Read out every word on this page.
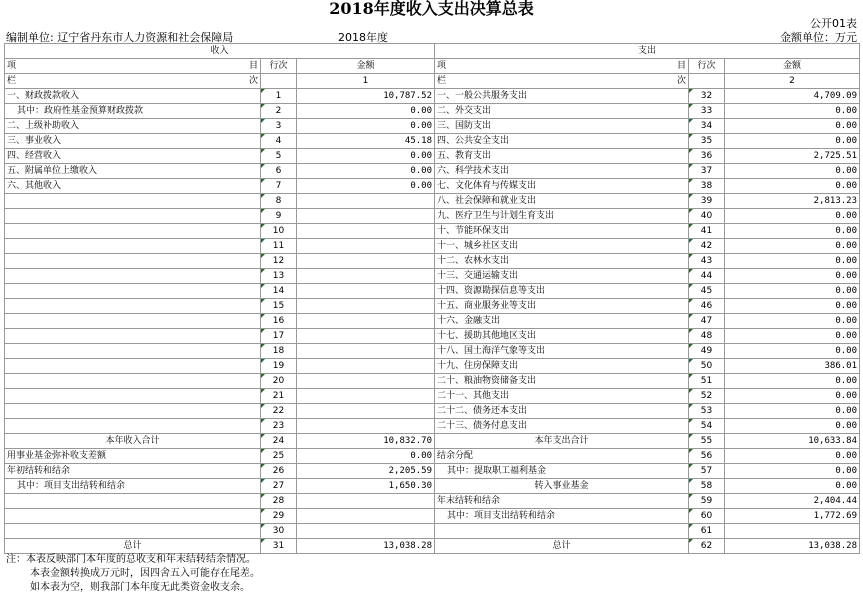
2018年度收入支出决算总表
公开01表
编制单位: 辽宁省丹东市人力资源和社会保障局	2018年度	金额单位：万元
收入			支出		

项 目	行次	金额	项 目	行次	金额

栏 次		1	栏 次		2
一、财政拨款收入	1	10,787.52	一、一般公共服务支出	32	4,709.09
其中：政府性基金预算财政拨款	2	0.00	二、外交支出	33	0.00
二、上级补助收入	3	0.00	三、国防支出	34	0.00
三、事业收入	4	45.18	四、公共安全支出	35	0.00
四、经营收入	5	0.00	五、教育支出	36	2,725.51
五、附属单位上缴收入	6	0.00	六、科学技术支出	37	0.00
六、其他收入	7	0.00	七、文化体育与传媒支出	38	0.00
	8		八、社会保障和就业支出	39	2,813.23
	9		九、医疗卫生与计划生育支出	40	0.00
	10		十、节能环保支出	41	0.00
	11		十一、城乡社区支出	42	0.00
	12		十二、农林水支出	43	0.00
	13		十三、交通运输支出	44	0.00
	14		十四、资源勘探信息等支出	45	0.00
	15		十五、商业服务业等支出	46	0.00
	16		十六、金融支出	47	0.00
	17		十七、援助其他地区支出	48	0.00
	18		十八、国土海洋气象等支出	49	0.00
	19		十九、住房保障支出	50	386.01
	20		二十、粮油物资储备支出	51	0.00
	21		二十一、其他支出	52	0.00
	22		二十二、债务还本支出	53	0.00
	23		二十三、债务付息支出	54	0.00
本年收入合计	24	10,832.70	本年支出合计	55	10,633.84
用事业基金弥补收支差额	25	0.00	结余分配	56	0.00
年初结转和结余	26	2,205.59	其中：提取职工福利基金	57	0.00
其中：项目支出结转和结余	27	1,650.30	转入事业基金	58	0.00
	28		年末结转和结余	59	2,404.44
	29		其中：项目支出结转和结余	60	1,772.69
	30			61	
总计	31	13,038.28	总计	62	13,038.28
注：本表反映部门本年度的总收支和年末结转结余情况。
本表金额转换成万元时，因四舍五入可能存在尾差。
如本表为空，则我部门本年度无此类资金收支余。
